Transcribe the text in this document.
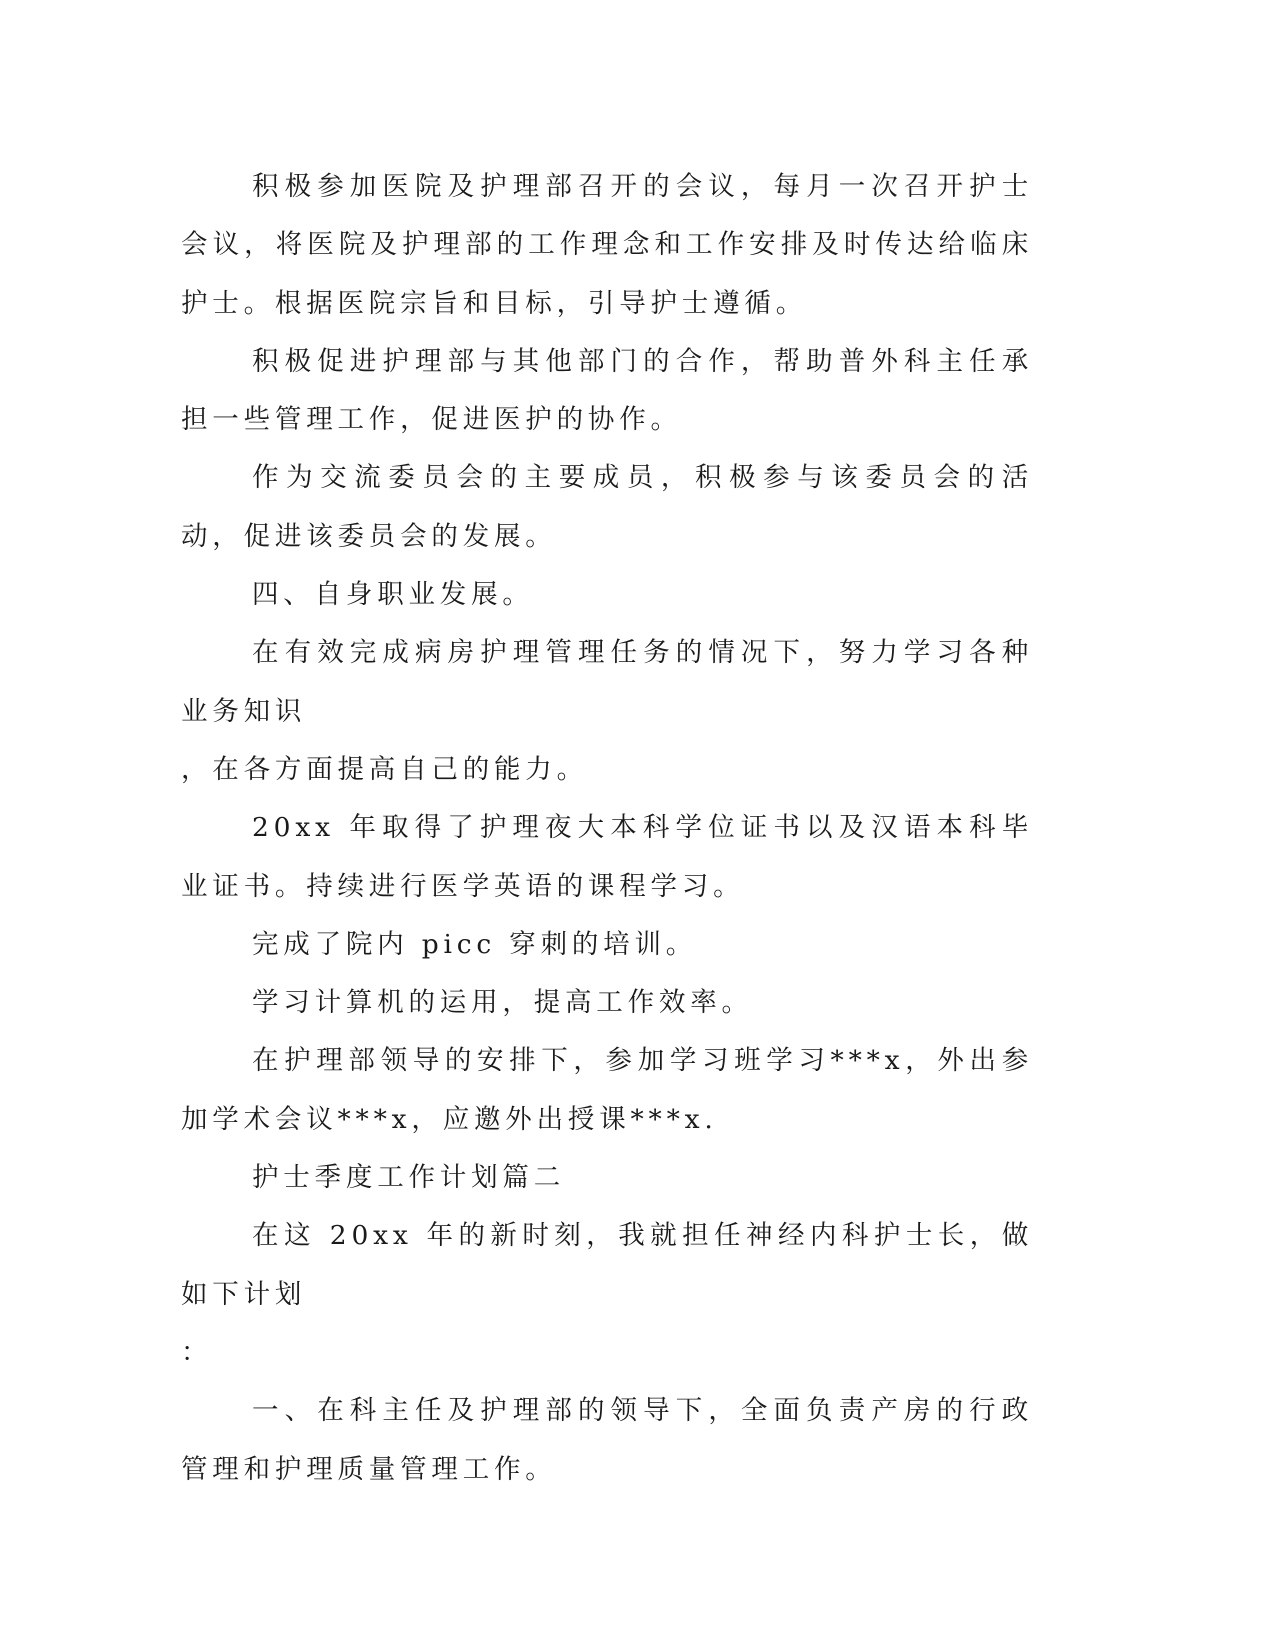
积极参加医院及护理部召开的会议，每月一次召开护士会议，将医院及护理部的工作理念和工作安排及时传达给临床护士。根据医院宗旨和目标，引导护士遵循。

积极促进护理部与其他部门的合作，帮助普外科主任承担一些管理工作，促进医护的协作。

作为交流委员会的主要成员，积极参与该委员会的活动，促进该委员会的发展。

四、自身职业发展。

在有效完成病房护理管理任务的情况下，努力学习各种业务知识

，在各方面提高自己的能力。

20xx 年取得了护理夜大本科学位证书以及汉语本科毕业证书。持续进行医学英语的课程学习。

完成了院内 picc 穿刺的培训。

学习计算机的运用，提高工作效率。

在护理部领导的安排下，参加学习班学习***x，外出参加学术会议***x，应邀外出授课***x.

护士季度工作计划篇二

在这 20xx 年的新时刻，我就担任神经内科护士长，做如下计划

：

一、在科主任及护理部的领导下，全面负责产房的行政管理和护理质量管理工作。
